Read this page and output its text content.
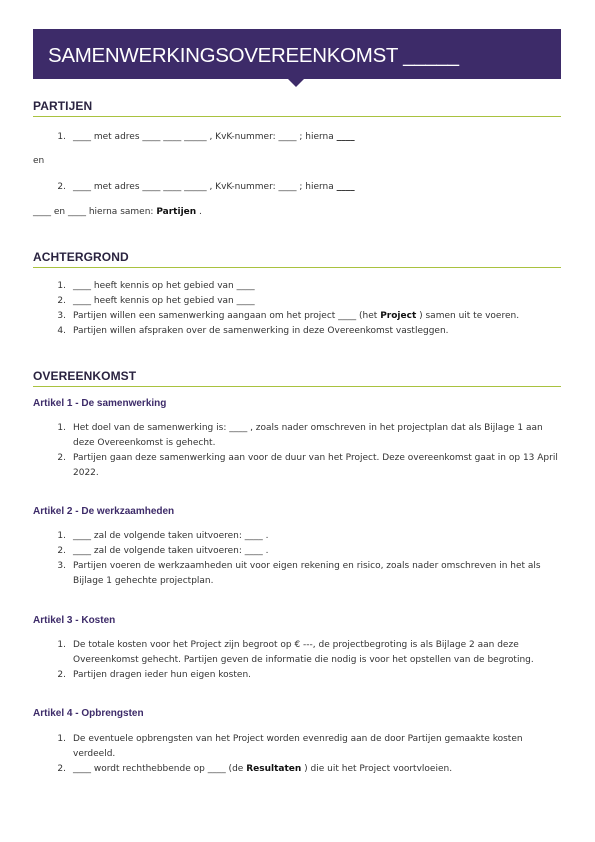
SAMENWERKINGSOVEREENKOMST _____
PARTIJEN
1. ____ met adres ____ ____ _____ , KvK-nummer: ____ ; hierna ____
en
2. ____ met adres ____ ____ _____ , KvK-nummer: ____ ; hierna ____
____ en ____ hierna samen: Partijen .
ACHTERGROND
1. ____ heeft kennis op het gebied van ____
2. ____ heeft kennis op het gebied van ____
3. Partijen willen een samenwerking aangaan om het project ____ (het Project ) samen uit te voeren.
4. Partijen willen afspraken over de samenwerking in deze Overeenkomst vastleggen.
OVEREENKOMST
Artikel 1 - De samenwerking
1. Het doel van de samenwerking is: ____ , zoals nader omschreven in het projectplan dat als Bijlage 1 aan
deze Overeenkomst is gehecht.
2. Partijen gaan deze samenwerking aan voor de duur van het Project. Deze overeenkomst gaat in op 13 April
2022.
Artikel 2 - De werkzaamheden
1. ____ zal de volgende taken uitvoeren: ____ .
2. ____ zal de volgende taken uitvoeren: ____ .
3. Partijen voeren de werkzaamheden uit voor eigen rekening en risico, zoals nader omschreven in het als
Bijlage 1 gehechte projectplan.
Artikel 3 - Kosten
1. De totale kosten voor het Project zijn begroot op € ---, de projectbegroting is als Bijlage 2 aan deze
Overeenkomst gehecht. Partijen geven de informatie die nodig is voor het opstellen van de begroting.
2. Partijen dragen ieder hun eigen kosten.
Artikel 4 - Opbrengsten
1. De eventuele opbrengsten van het Project worden evenredig aan de door Partijen gemaakte kosten
verdeeld.
2. ____ wordt rechthebbende op ____ (de Resultaten ) die uit het Project voortvloeien.
